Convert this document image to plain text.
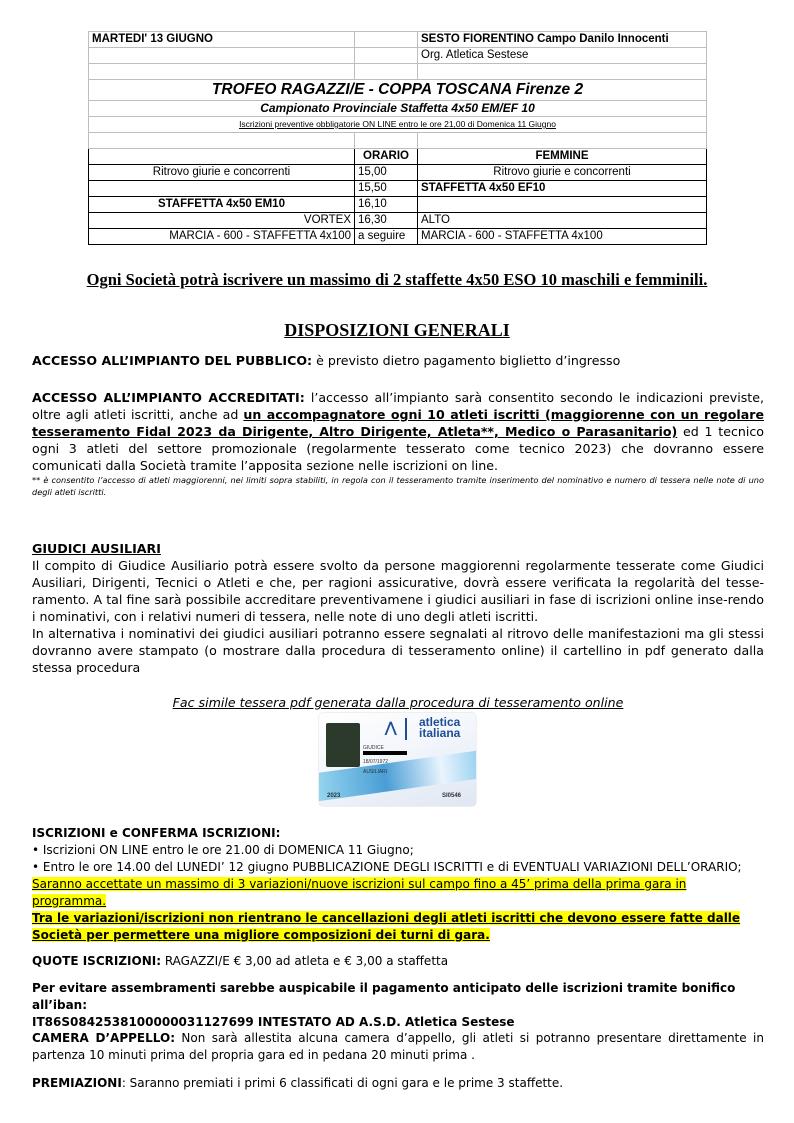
MARTEDI' 13 GIUGNO		SESTO FIORENTINO Campo Danilo Innocenti
		Org. Atletica Sestese

TROFEO RAGAZZI/E - COPPA TOSCANA Firenze 2		
Campionato Provinciale Staffetta 4x50 EM/EF 10		
Iscrizioni preventive obbligatorie ON LINE entro le ore 21,00 di Domenica 11 Giugno		

	ORARIO	FEMMINE
Ritrovo giurie e concorrenti	15,00	Ritrovo giurie e concorrenti
	15,50	STAFFETTA 4x50 EF10
STAFFETTA 4x50 EM10	16,10	
VORTEX	16,30	ALTO
MARCIA - 600 - STAFFETTA 4x100	a seguire	MARCIA - 600 - STAFFETTA 4x100
Ogni Società potrà iscrivere un massimo di 2 staffette 4x50 ESO 10 maschili e femminili.
DISPOSIZIONI GENERALI

ACCESSO ALL’IMPIANTO DEL PUBBLICO: è previsto dietro pagamento biglietto d’ingresso

ACCESSO ALL’IMPIANTO ACCREDITATI: l’accesso all’impianto sarà consentito secondo le indicazioni previste, oltre agli atleti iscritti, anche ad un accompagnatore ogni 10 atleti iscritti (maggiorenne con un regolare tesseramento Fidal 2023 da Dirigente, Altro Dirigente, Atleta**, Medico o Parasanitario) ed 1 tecnico ogni 3 atleti del settore promozionale (regolarmente tesserato come tecnico 2023) che dovranno essere comunicati dalla Società tramite l’apposita sezione nelle iscrizioni on line.

** è consentito l’accesso di atleti maggiorenni, nei limiti sopra stabiliti, in regola con il tesseramento tramite inserimento del nominativo e numero di tessera nelle note di uno degli atleti iscritti.

GIUDICI AUSILIARI

Il compito di Giudice Ausiliario potrà essere svolto da persone maggiorenni regolarmente tesserate come Giudici Ausiliari, Dirigenti, Tecnici o Atleti e che, per ragioni assicurative, dovrà essere verificata la regolarità del tesse-ramento. A tal fine sarà possibile accreditare preventivamene i giudici ausiliari in fase di iscrizioni online inse-rendo i nominativi, con i relativi numeri di tessera, nelle note di uno degli atleti iscritti.

In alternativa i nominativi dei giudici ausiliari potranno essere segnalati al ritrovo delle manifestazioni ma gli stessi dovranno avere stampato (o mostrare dalla procedura di tesseramento online) il cartellino in pdf generato dalla stessa procedura

Fac simile tessera pdf generata dalla procedura di tesseramento online
⋀ atletica
italiana
GIUDICE
18/07/1972
AUSILIARI
2023	SI0546

ISCRIZIONI e CONFERMA ISCRIZIONI:

• Iscrizioni ON LINE entro le ore 21.00 di DOMENICA 11 Giugno;

• Entro le ore 14.00 del LUNEDI’ 12 giugno PUBBLICAZIONE DEGLI ISCRITTI e di EVENTUALI VARIAZIONI DELL’ORARIO;

Saranno accettate un massimo di 3 variazioni/nuove iscrizioni sul campo fino a 45’ prima della prima gara in programma.

Tra le variazioni/iscrizioni non rientrano le cancellazioni degli atleti iscritti che devono essere fatte dalle Società per permettere una migliore composizioni dei turni di gara.

QUOTE ISCRIZIONI: RAGAZZI/E € 3,00 ad atleta e € 3,00 a staffetta

Per evitare assembramenti sarebbe auspicabile il pagamento anticipato delle iscrizioni tramite bonifico all’iban:

IT86S0842538100000031127699 INTESTATO AD A.S.D. Atletica Sestese

CAMERA D’APPELLO: Non sarà allestita alcuna camera d’appello, gli atleti si potranno presentare direttamente in partenza 10 minuti prima del propria gara ed in pedana 20 minuti prima .

PREMIAZIONI: Saranno premiati i primi 6 classificati di ogni gara e le prime 3 staffette.
